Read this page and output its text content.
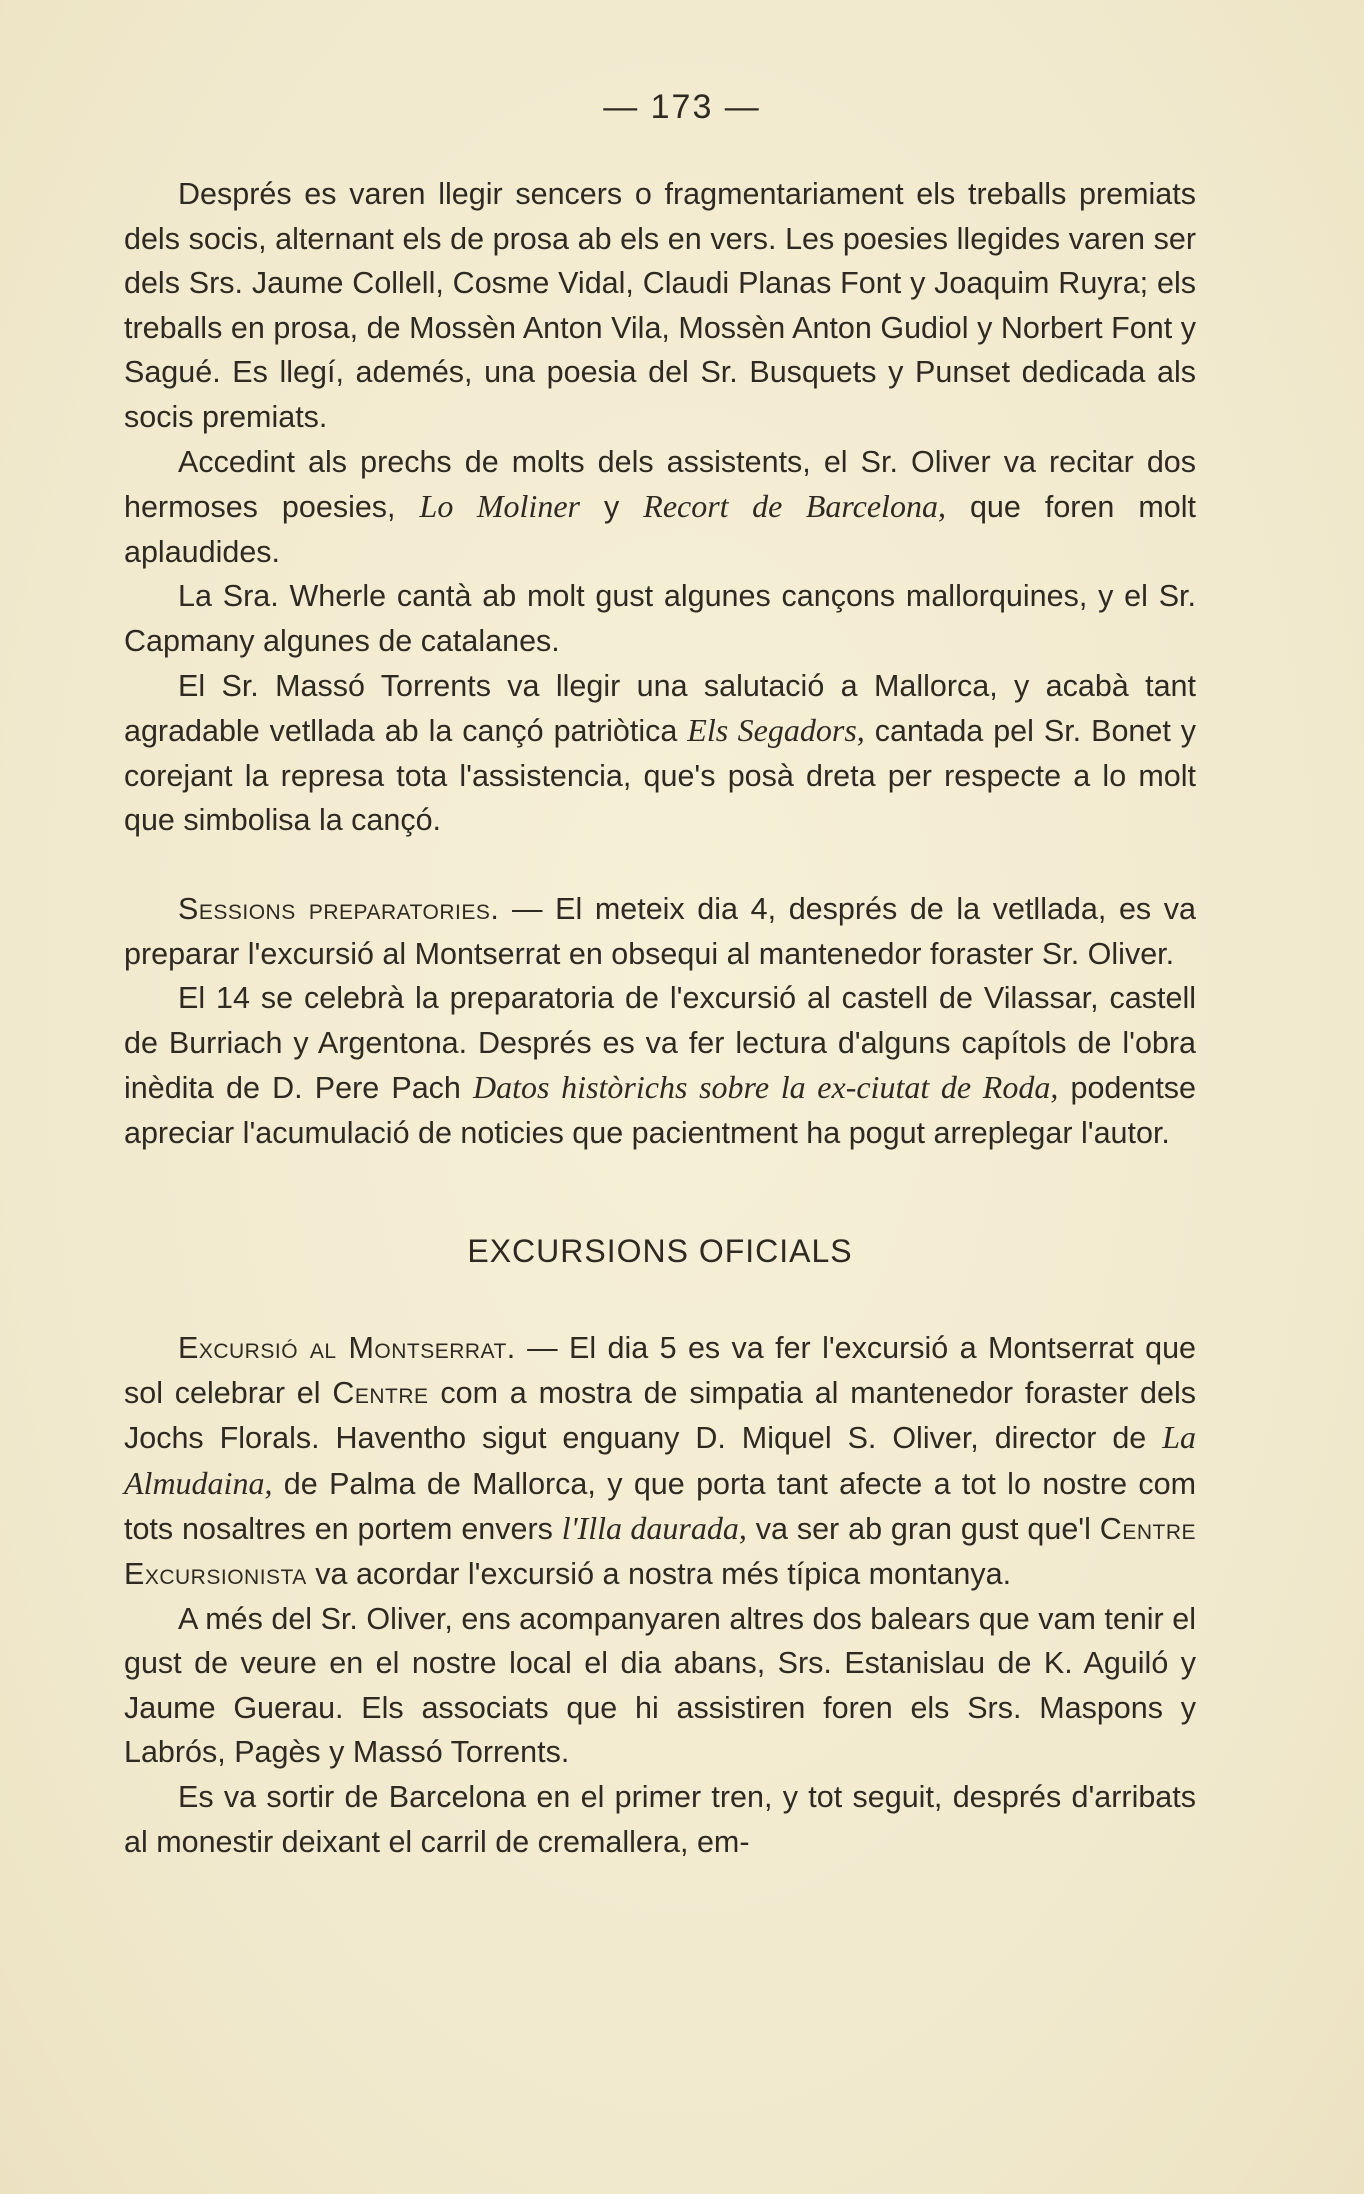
— 173 —

Després es varen llegir sencers o fragmentariament els treballs premiats dels socis, alternant els de prosa ab els en vers. Les poesies llegides varen ser dels Srs. Jaume Collell, Cosme Vidal, Claudi Planas Font y Joaquim Ruyra; els treballs en prosa, de Mossèn Anton Vila, Mossèn Anton Gudiol y Norbert Font y Sagué. Es llegí, ademés, una poesia del Sr. Busquets y Punset dedicada als socis premiats.

Accedint als prechs de molts dels assistents, el Sr. Oliver va recitar dos hermoses poesies, Lo Moliner y Recort de Barcelona, que foren molt aplaudides.

La Sra. Wherle cantà ab molt gust algunes cançons mallorquines, y el Sr. Capmany algunes de catalanes.

El Sr. Massó Torrents va llegir una salutació a Mallorca, y acabà tant agradable vetllada ab la cançó patriòtica Els Segadors, cantada pel Sr. Bonet y corejant la represa tota l'assistencia, que's posà dreta per respecte a lo molt que simbolisa la cançó.

Sessions preparatories. — El meteix dia 4, després de la vetllada, es va preparar l'excursió al Montserrat en obsequi al mantenedor foraster Sr. Oliver.

El 14 se celebrà la preparatoria de l'excursió al castell de Vilassar, castell de Burriach y Argentona. Després es va fer lectura d'alguns capítols de l'obra inèdita de D. Pere Pach Datos històrichs sobre la ex-ciutat de Roda, podentse apreciar l'acumulació de noticies que pacientment ha pogut arreplegar l'autor.

EXCURSIONS OFICIALS

Excursió al Montserrat. — El dia 5 es va fer l'excursió a Montserrat que sol celebrar el Centre com a mostra de simpatia al mantenedor foraster dels Jochs Florals. Haventho sigut enguany D. Miquel S. Oliver, director de La Almudaina, de Palma de Mallorca, y que porta tant afecte a tot lo nostre com tots nosaltres en portem envers l'Illa daurada, va ser ab gran gust que'l Centre Excursionista va acordar l'excursió a nostra més típica montanya.

A més del Sr. Oliver, ens acompanyaren altres dos balears que vam tenir el gust de veure en el nostre local el dia abans, Srs. Estanislau de K. Aguiló y Jaume Guerau. Els associats que hi assistiren foren els Srs. Maspons y Labrós, Pagès y Massó Torrents.

Es va sortir de Barcelona en el primer tren, y tot seguit, després d'arribats al monestir deixant el carril de cremallera, em-
